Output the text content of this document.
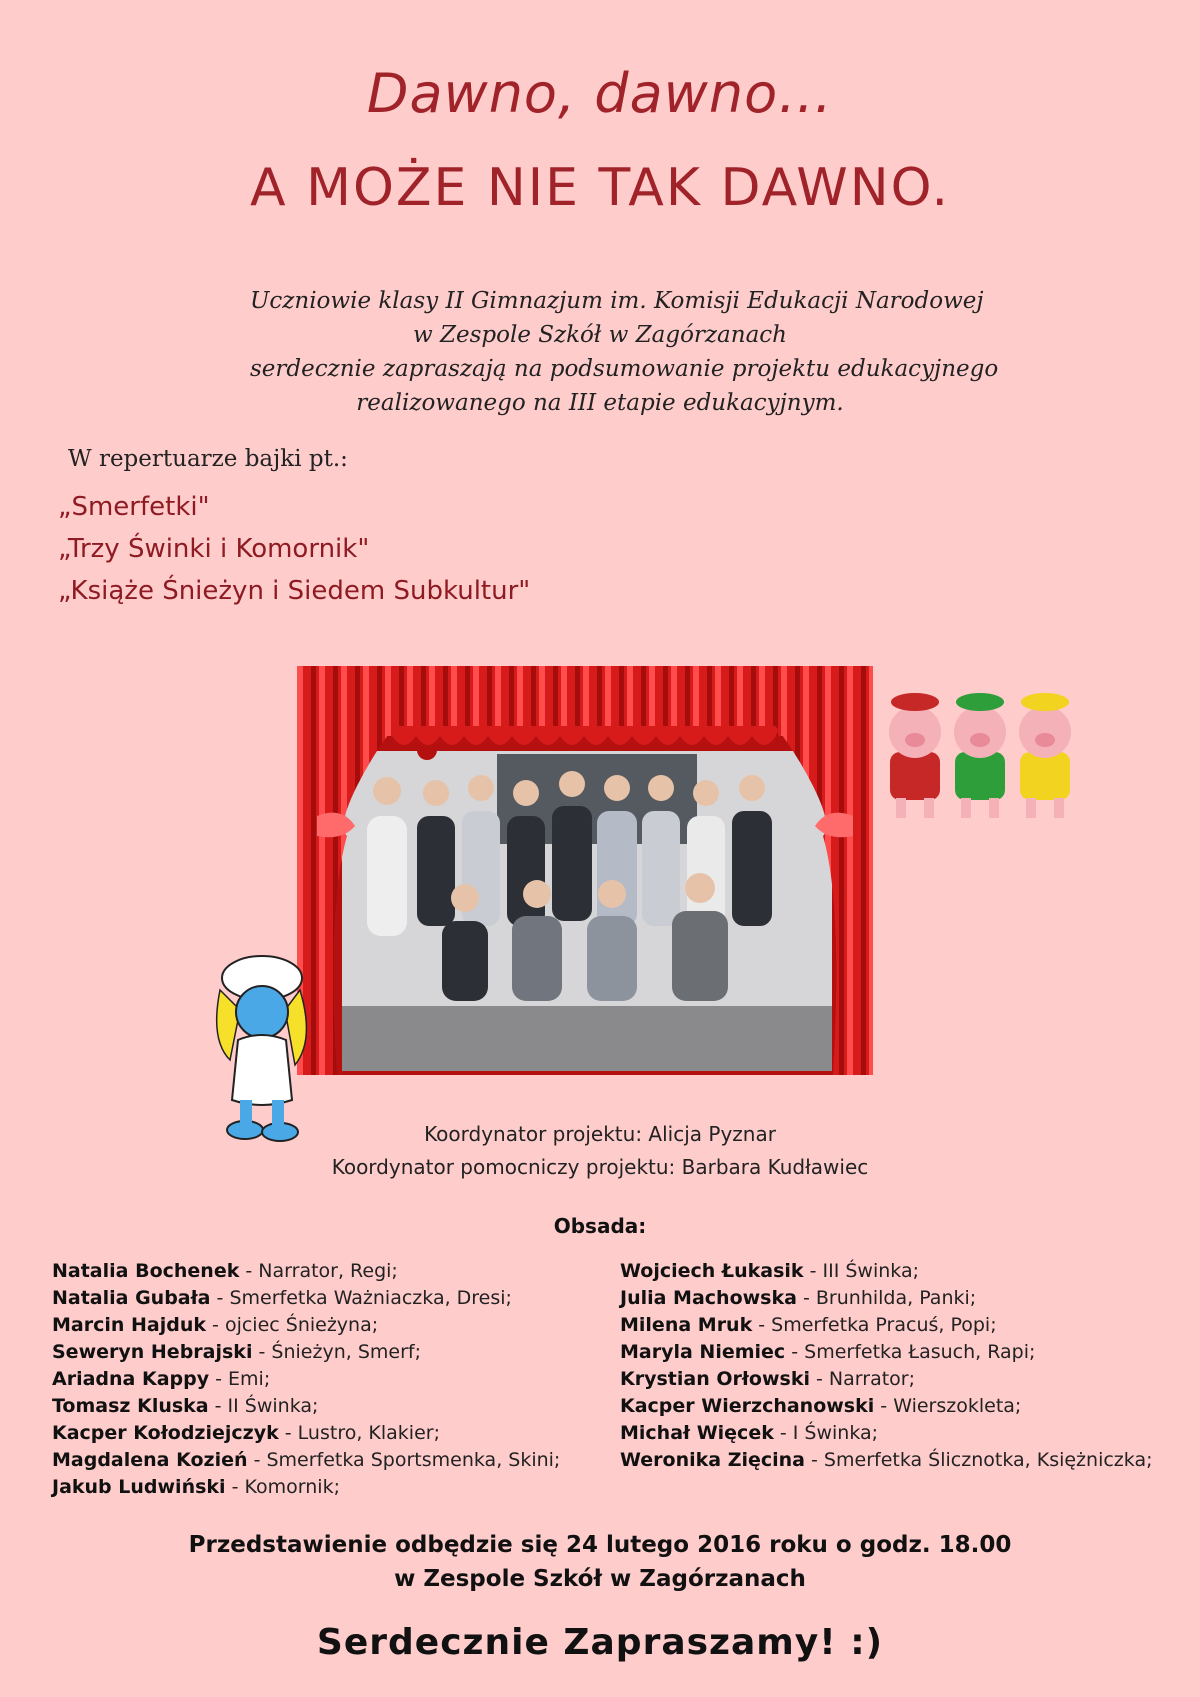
Dawno, dawno…
A MOŻE NIE TAK DAWNO.
Uczniowie klasy II Gimnazjum im. Komisji Edukacji Narodowej
w Zespole Szkół w Zagórzanach
serdecznie zapraszają na podsumowanie projektu edukacyjnego
realizowanego na III etapie edukacyjnym.
W repertuarze bajki pt.:
„Smerfetki"
„Trzy Świnki i Komornik"
„Książe Śnieżyn i Siedem Subkultur"
Koordynator projektu: Alicja Pyznar
Koordynator pomocniczy projektu: Barbara Kudławiec
Obsada:
Natalia Bochenek - Narrator, Regi;
Natalia Gubała - Smerfetka Ważniaczka, Dresi;
Marcin Hajduk - ojciec Śnieżyna;
Seweryn Hebrajski - Śnieżyn, Smerf;
Ariadna Kappy - Emi;
Tomasz Kluska - II Świnka;
Kacper Kołodziejczyk - Lustro, Klakier;
Magdalena Kozień - Smerfetka Sportsmenka, Skini;
Jakub Ludwiński - Komornik;
Wojciech Łukasik - III Świnka;
Julia Machowska - Brunhilda, Panki;
Milena Mruk - Smerfetka Pracuś, Popi;
Maryla Niemiec - Smerfetka Łasuch, Rapi;
Krystian Orłowski - Narrator;
Kacper Wierzchanowski - Wierszokleta;
Michał Więcek - I Świnka;
Weronika Zięcina - Smerfetka Ślicznotka, Księżniczka;
Przedstawienie odbędzie się 24 lutego 2016 roku o godz. 18.00
w Zespole Szkół w Zagórzanach
Serdecznie Zapraszamy! :)
